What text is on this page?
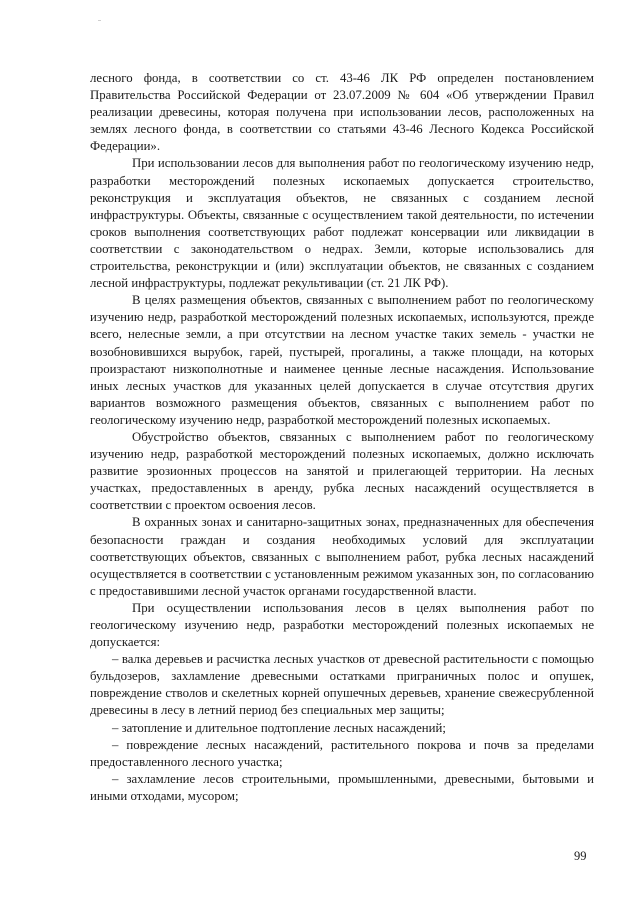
лесного фонда, в соответствии со ст. 43-46 ЛК РФ определен постановлением Правительства Российской Федерации от 23.07.2009 № 604 «Об утверждении Правил реализации древесины, которая получена при использовании лесов, расположенных на землях лесного фонда, в соответствии со статьями 43-46 Лесного Кодекса Российской Федерации».

При использовании лесов для выполнения работ по геологическому изучению недр, разработки месторождений полезных ископаемых допускается строительство, реконструкция и эксплуатация объектов, не связанных с созданием лесной инфраструктуры. Объекты, связанные с осуществлением такой деятельности, по истечении сроков выполнения соответствующих работ подлежат консервации или ликвидации в соответствии с законодательством о недрах. Земли, которые использовались для строительства, реконструкции и (или) эксплуатации объектов, не связанных с созданием лесной инфраструктуры, подлежат рекультивации (ст. 21 ЛК РФ).

В целях размещения объектов, связанных с выполнением работ по геологическому изучению недр, разработкой месторождений полезных ископаемых, используются, прежде всего, нелесные земли, а при отсутствии на лесном участке таких земель - участки не возобновившихся вырубок, гарей, пустырей, прогалины, а также площади, на которых произрастают низкополнотные и наименее ценные лесные насаждения. Использование иных лесных участков для указанных целей допускается в случае отсутствия других вариантов возможного размещения объектов, связанных с выполнением работ по геологическому изучению недр, разработкой месторождений полезных ископаемых.

Обустройство объектов, связанных с выполнением работ по геологическому изучению недр, разработкой месторождений полезных ископаемых, должно исключать развитие эрозионных процессов на занятой и прилегающей территории. На лесных участках, предоставленных в аренду, рубка лесных насаждений осуществляется в соответствии с проектом освоения лесов.

В охранных зонах и санитарно-защитных зонах, предназначенных для обеспечения безопасности граждан и создания необходимых условий для эксплуатации соответствующих объектов, связанных с выполнением работ, рубка лесных насаждений осуществляется в соответствии с установленным режимом указанных зон, по согласованию с предоставившими лесной участок органами государственной власти.

При осуществлении использования лесов в целях выполнения работ по геологическому изучению недр, разработки месторождений полезных ископаемых не допускается:

– валка деревьев и расчистка лесных участков от древесной растительности с помощью бульдозеров, захламление древесными остатками приграничных полос и опушек, повреждение стволов и скелетных корней опушечных деревьев, хранение свежесрубленной древесины в лесу в летний период без специальных мер защиты;

– затопление и длительное подтопление лесных насаждений;

– повреждение лесных насаждений, растительного покрова и почв за пределами предоставленного лесного участка;

– захламление лесов строительными, промышленными, древесными, бытовыми и иными отходами, мусором;

99
